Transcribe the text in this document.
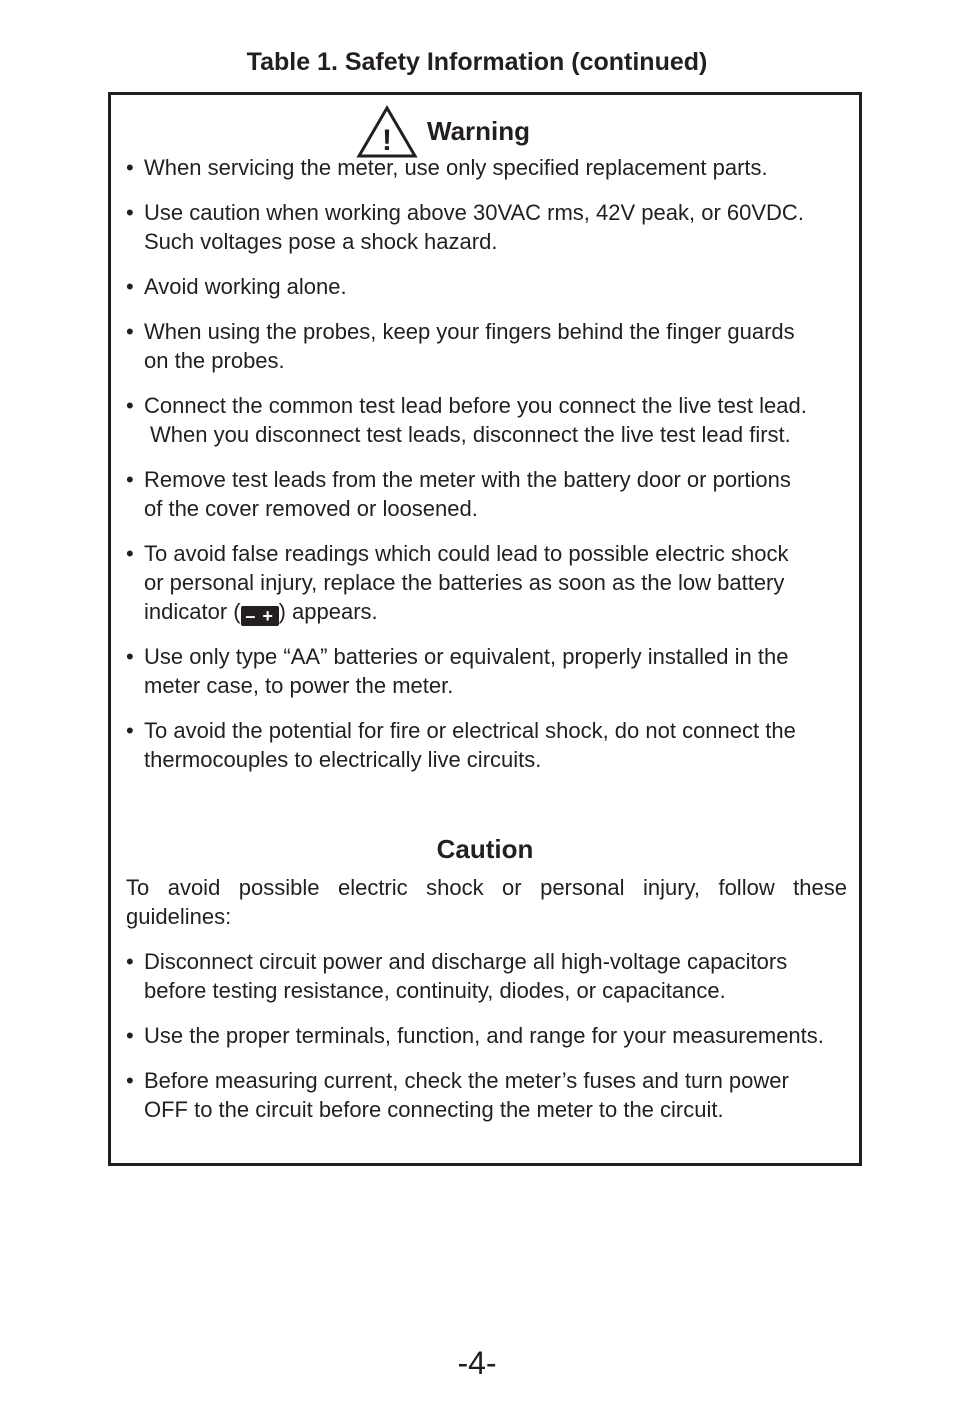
Table 1. Safety Information (continued)
! Warning
• When servicing the meter, use only specified replacement parts.
• Use caution when working above 30VAC rms, 42V peak, or 60VDC.
Such voltages pose a shock hazard.
• Avoid working alone.
• When using the probes, keep your fingers behind the finger guards
on the probes.
• Connect the common test lead before you connect the live test lead.
When you disconnect test leads, disconnect the live test lead first.
• Remove test leads from the meter with the battery door or portions
of the cover removed or loosened.
• To avoid false readings which could lead to possible electric shock
or personal injury, replace the batteries as soon as the low battery
indicator ( – + ) appears.
• Use only type “AA” batteries or equivalent, properly installed in the
meter case, to power the meter.
• To avoid the potential for fire or electrical shock, do not connect the
thermocouples to electrically live circuits.
Caution

To avoid possible electric shock or personal injury, follow these guidelines:

• Disconnect circuit power and discharge all high-voltage capacitors
before testing resistance, continuity, diodes, or capacitance.
• Use the proper terminals, function, and range for your measurements.
• Before measuring current, check the meter’s fuses and turn power
OFF to the circuit before connecting the meter to the circuit.
-4-
